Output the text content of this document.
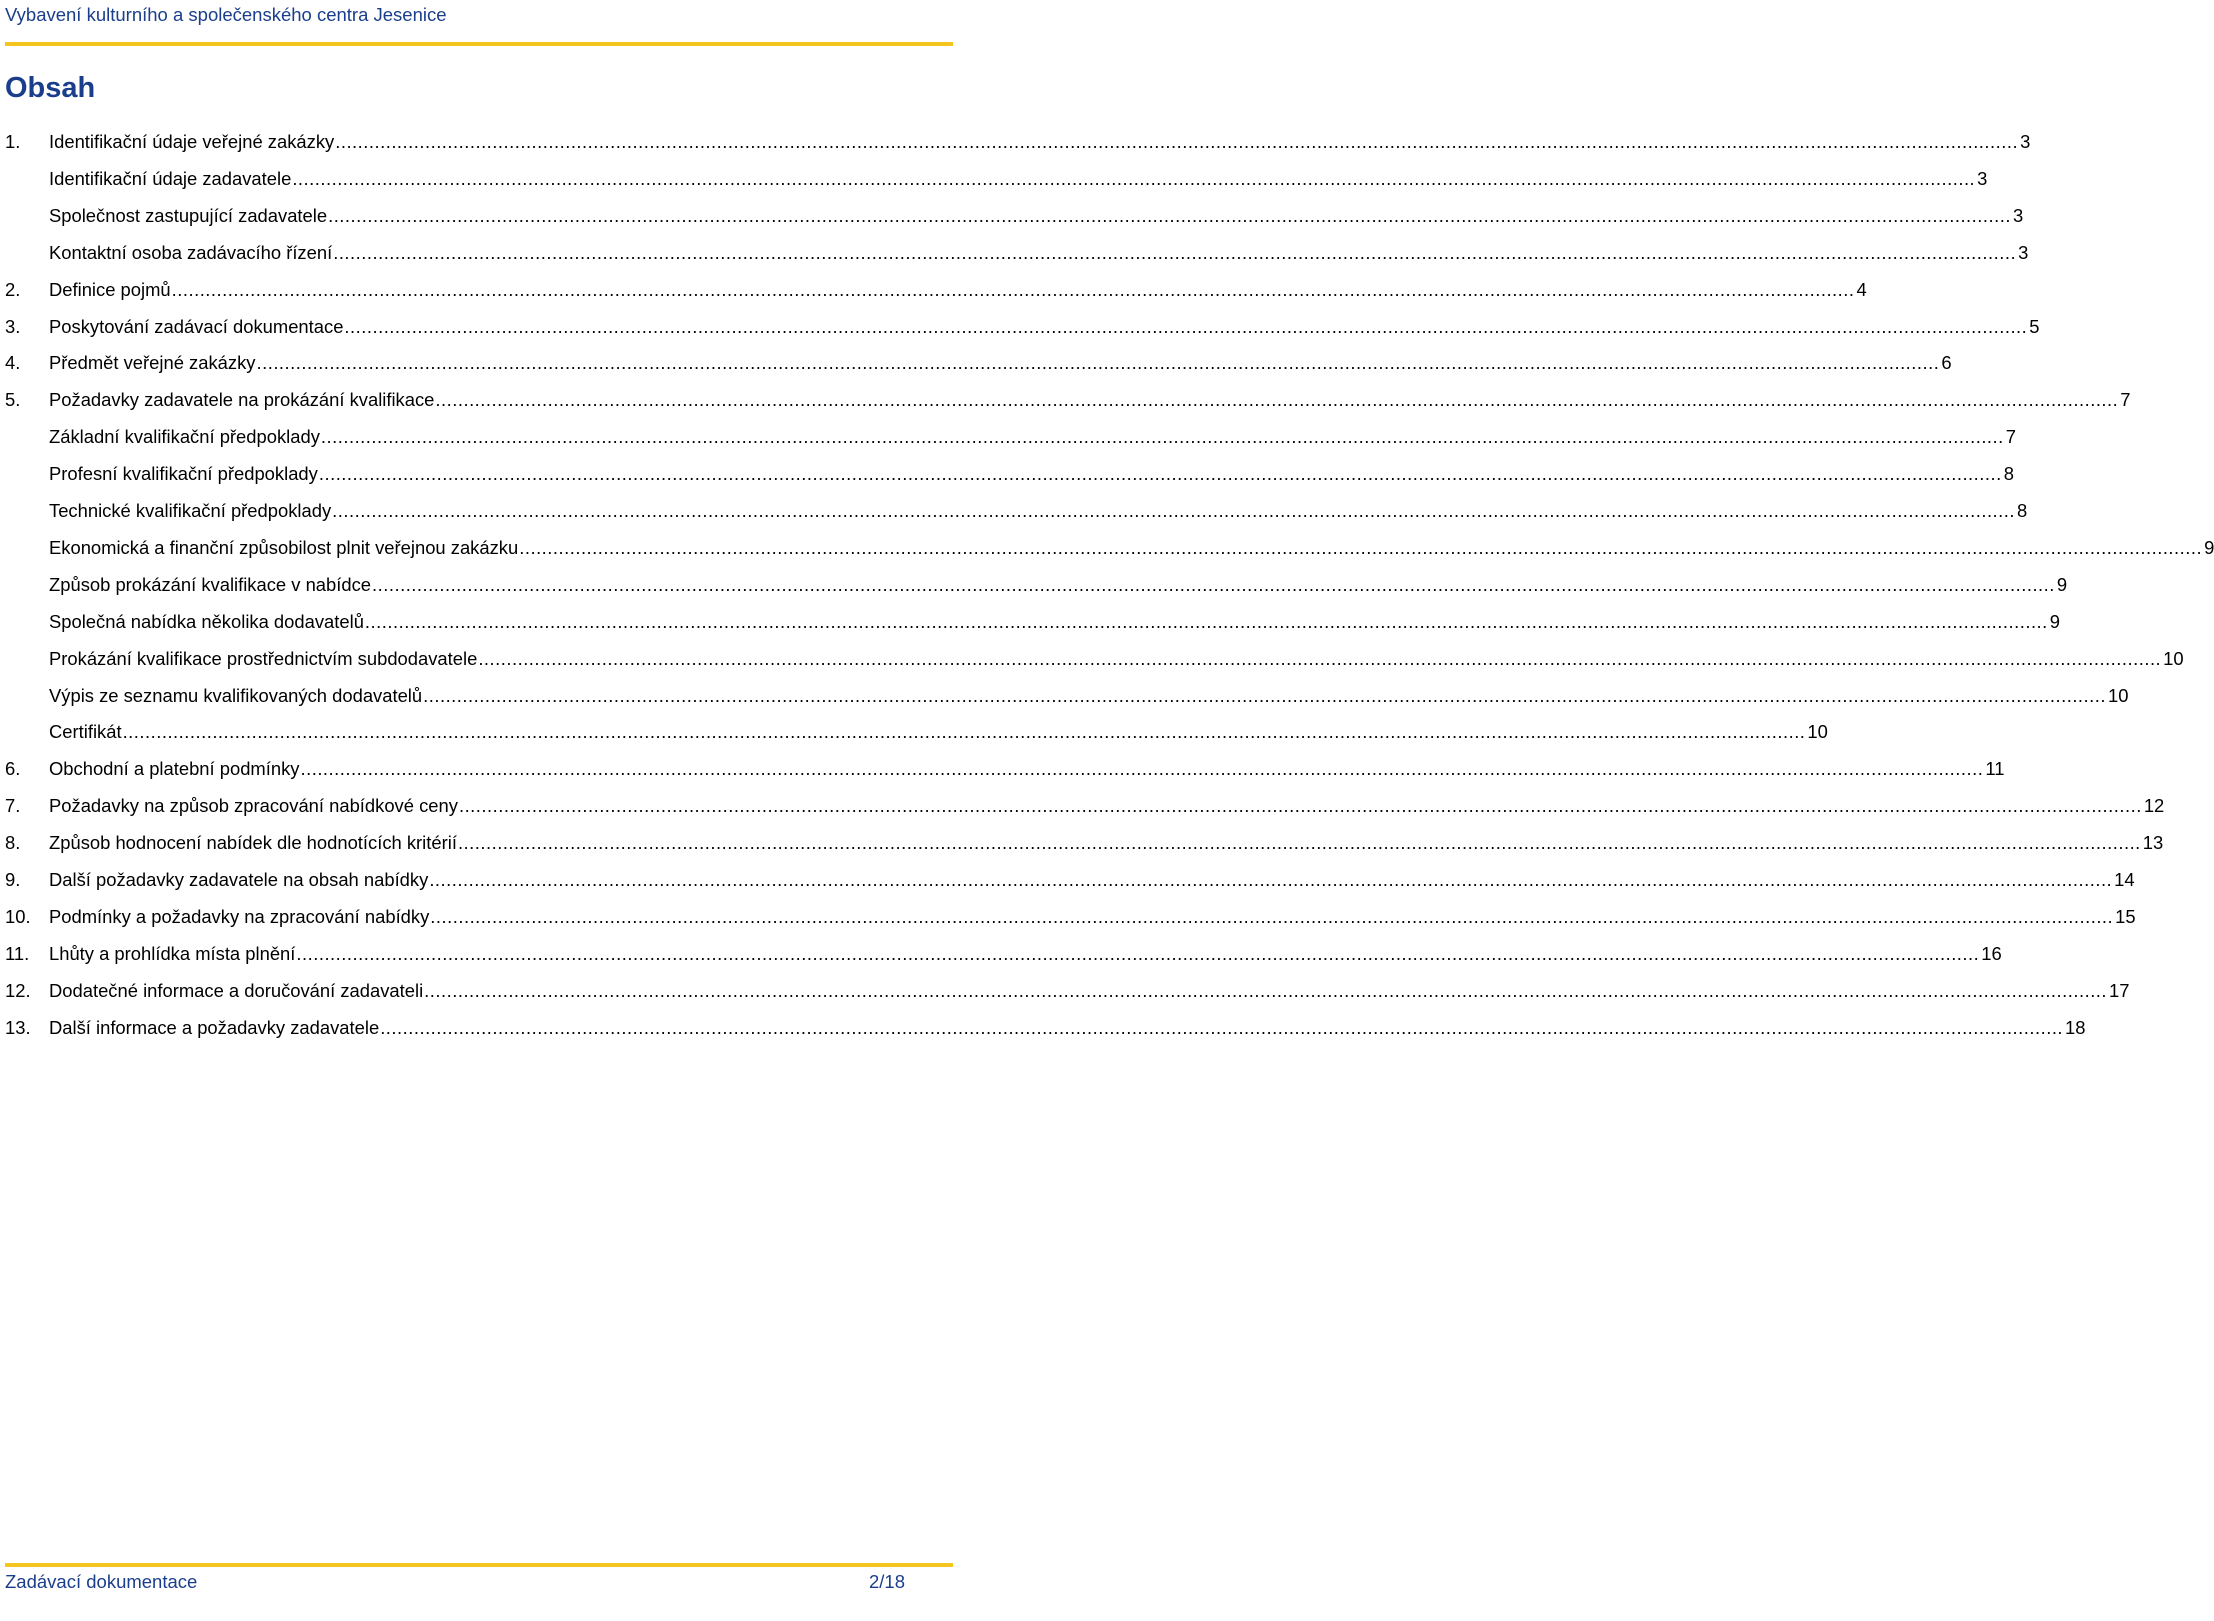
Vybavení kulturního a společenského centra Jesenice
Obsah
1. Identifikační údaje veřejné zakázky ............................................................................................................................................................................................................................................................................................................ 3
Identifikační údaje zadavatele ............................................................................................................................................................................................................................................................................................................ 3
Společnost zastupující zadavatele ............................................................................................................................................................................................................................................................................................................ 3
Kontaktní osoba zadávacího řízení ............................................................................................................................................................................................................................................................................................................ 3
2. Definice pojmů ............................................................................................................................................................................................................................................................................................................ 4
3. Poskytování zadávací dokumentace ............................................................................................................................................................................................................................................................................................................ 5
4. Předmět veřejné zakázky ............................................................................................................................................................................................................................................................................................................ 6
5. Požadavky zadavatele na prokázání kvalifikace ............................................................................................................................................................................................................................................................................................................ 7
Základní kvalifikační předpoklady ............................................................................................................................................................................................................................................................................................................ 7
Profesní kvalifikační předpoklady ............................................................................................................................................................................................................................................................................................................ 8
Technické kvalifikační předpoklady ............................................................................................................................................................................................................................................................................................................ 8
Ekonomická a finanční způsobilost plnit veřejnou zakázku ............................................................................................................................................................................................................................................................................................................ 9
Způsob prokázání kvalifikace v nabídce ............................................................................................................................................................................................................................................................................................................ 9
Společná nabídka několika dodavatelů ............................................................................................................................................................................................................................................................................................................ 9
Prokázání kvalifikace prostřednictvím subdodavatele ............................................................................................................................................................................................................................................................................................................ 10
Výpis ze seznamu kvalifikovaných dodavatelů ............................................................................................................................................................................................................................................................................................................ 10
Certifikát ............................................................................................................................................................................................................................................................................................................ 10
6. Obchodní a platební podmínky ............................................................................................................................................................................................................................................................................................................ 11
7. Požadavky na způsob zpracování nabídkové ceny ............................................................................................................................................................................................................................................................................................................ 12
8. Způsob hodnocení nabídek dle hodnotících kritérií ............................................................................................................................................................................................................................................................................................................ 13
9. Další požadavky zadavatele na obsah nabídky ............................................................................................................................................................................................................................................................................................................ 14
10. Podmínky a požadavky na zpracování nabídky ............................................................................................................................................................................................................................................................................................................ 15
11. Lhůty a prohlídka místa plnění ............................................................................................................................................................................................................................................................................................................ 16
12. Dodatečné informace a doručování zadavateli ............................................................................................................................................................................................................................................................................................................ 17
13. Další informace a požadavky zadavatele ............................................................................................................................................................................................................................................................................................................ 18
Zadávací dokumentace	2/18
